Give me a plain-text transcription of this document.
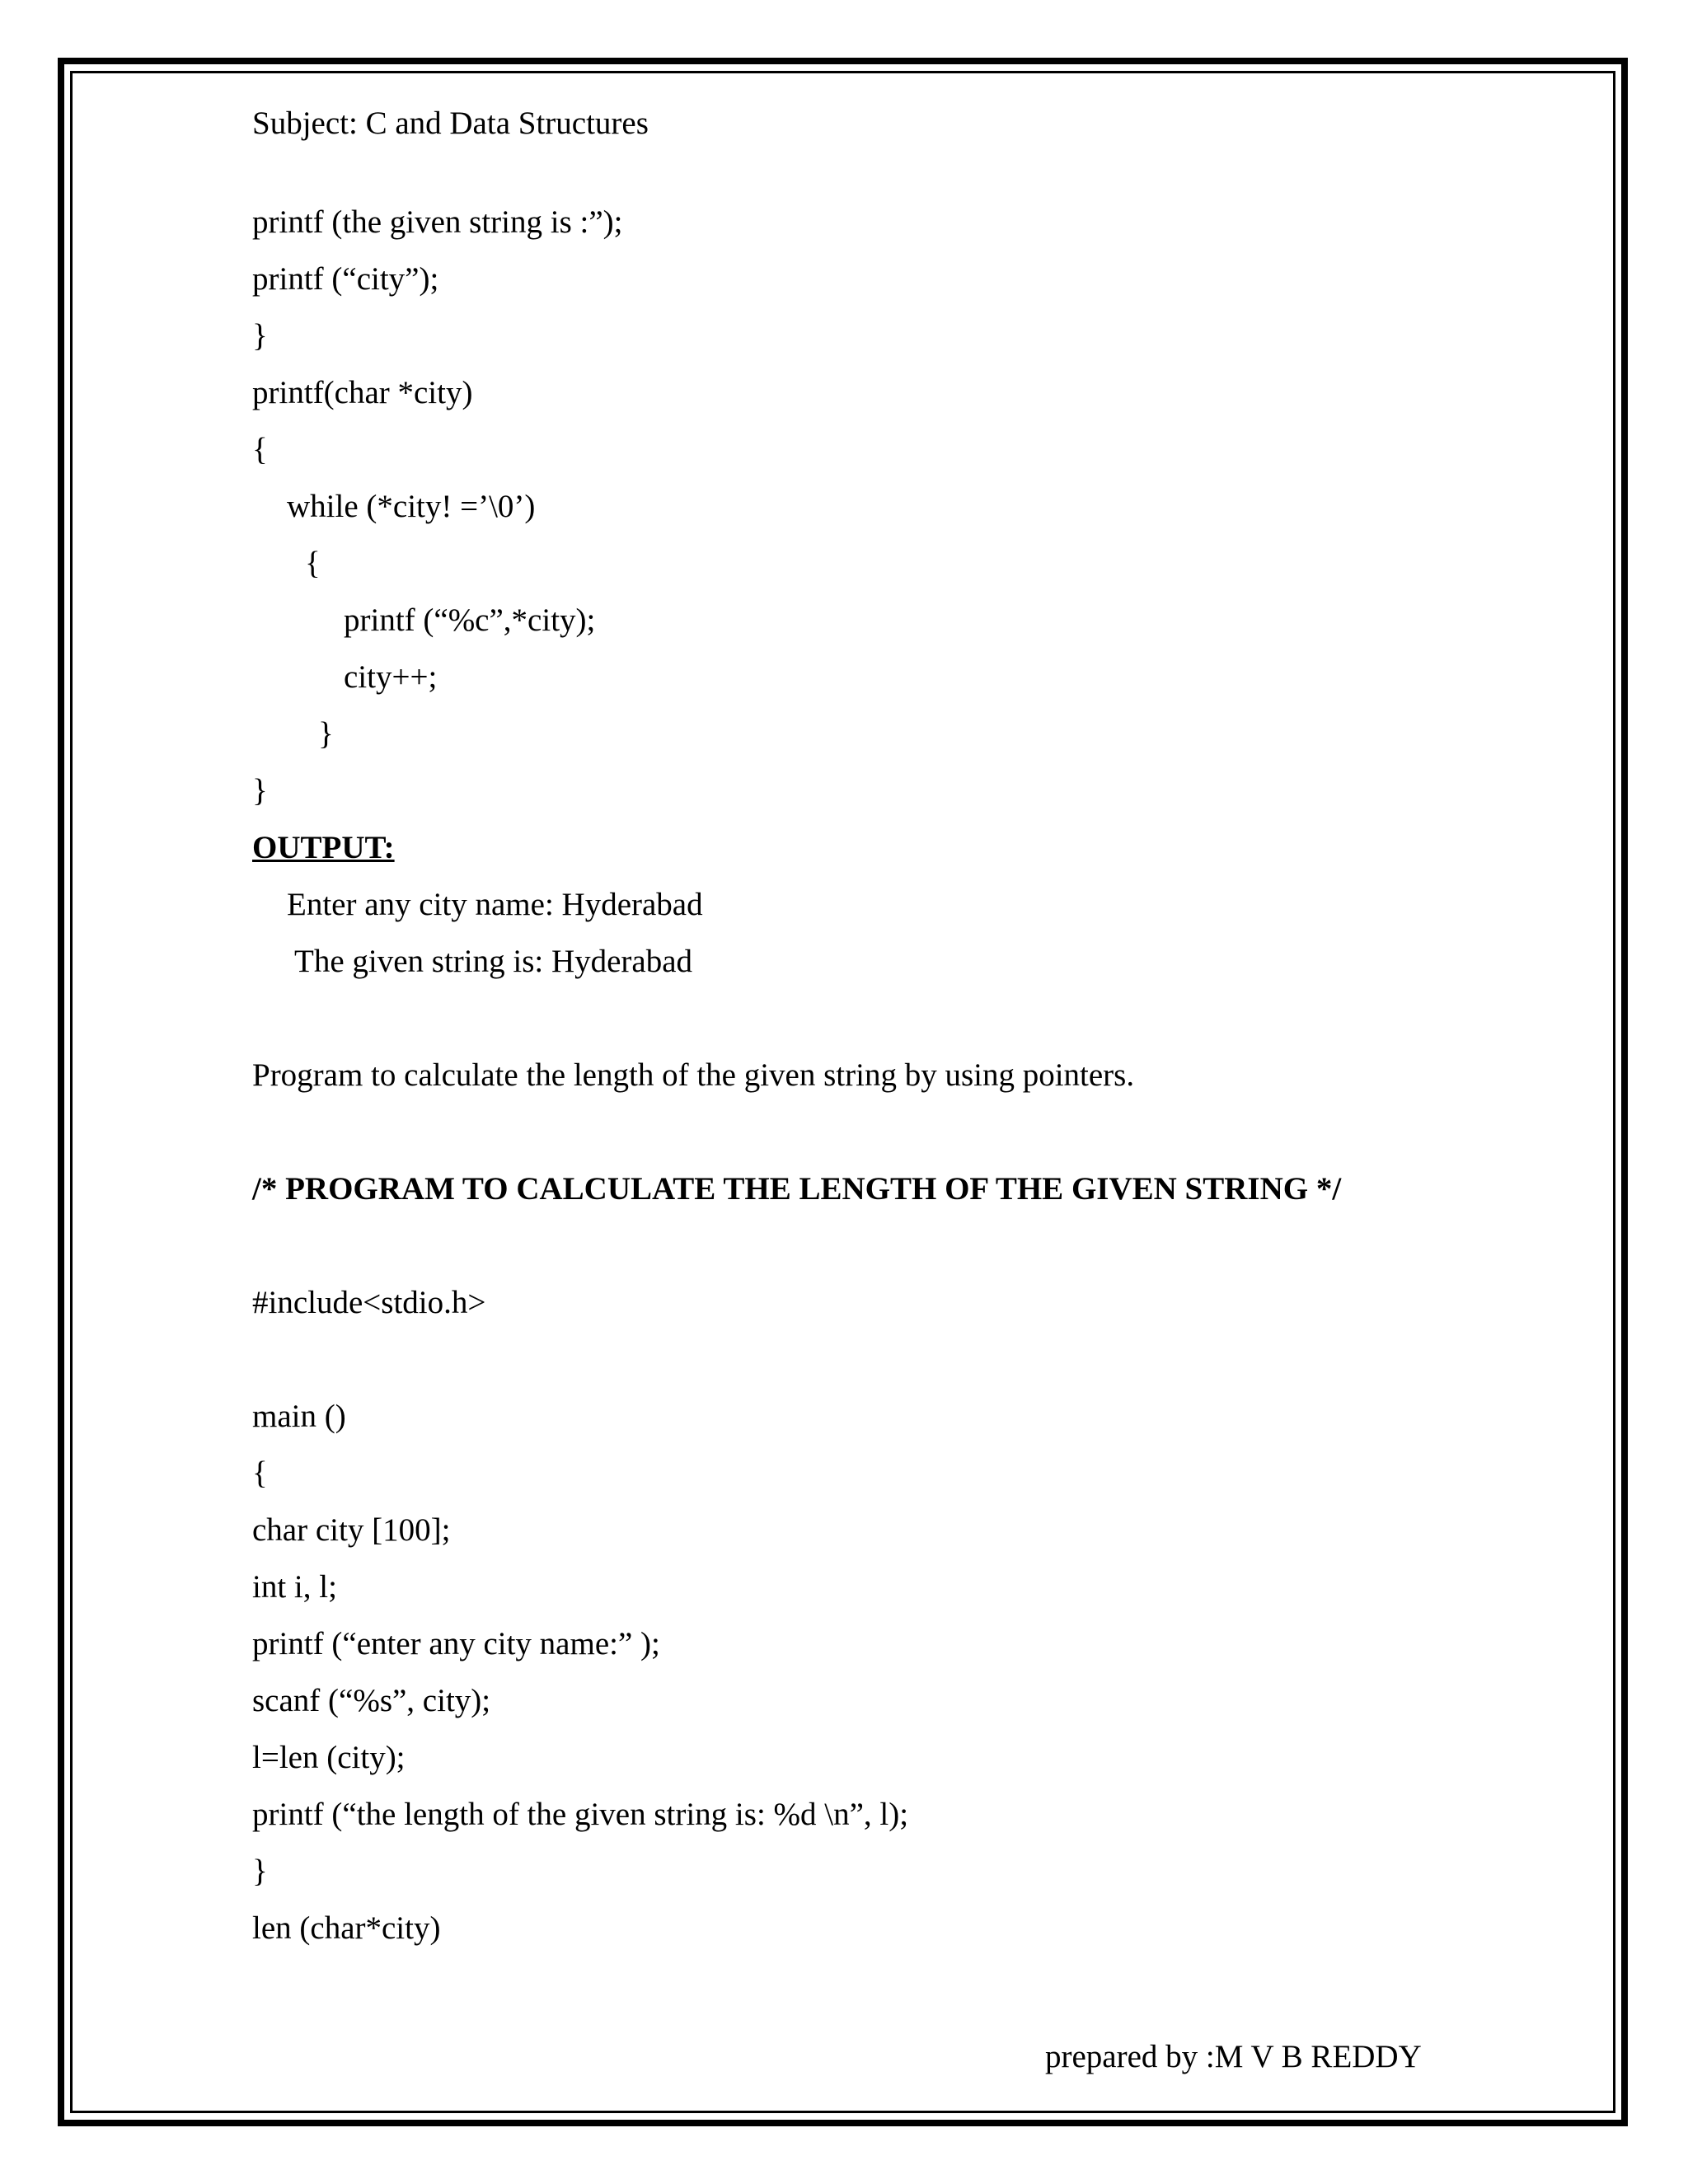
Subject: C and Data Structures
printf (the given string is :”);
printf (“city”);
}
printf(char *city)
{
while (*city! =’\0’)
{
printf (“%c”,*city);
city++;
}
}
OUTPUT:
Enter any city name: Hyderabad
The given string is: Hyderabad
Program to calculate the length of the given string by using pointers.
/* PROGRAM TO CALCULATE THE LENGTH OF THE GIVEN STRING */
#include<stdio.h>
main ()
{
char city [100];
int i, l;
printf (“enter any city name:” );
scanf (“%s”, city);
l=len (city);
printf (“the length of the given string is: %d \n”, l);
}
len (char*city)
prepared by :M V B REDDY
